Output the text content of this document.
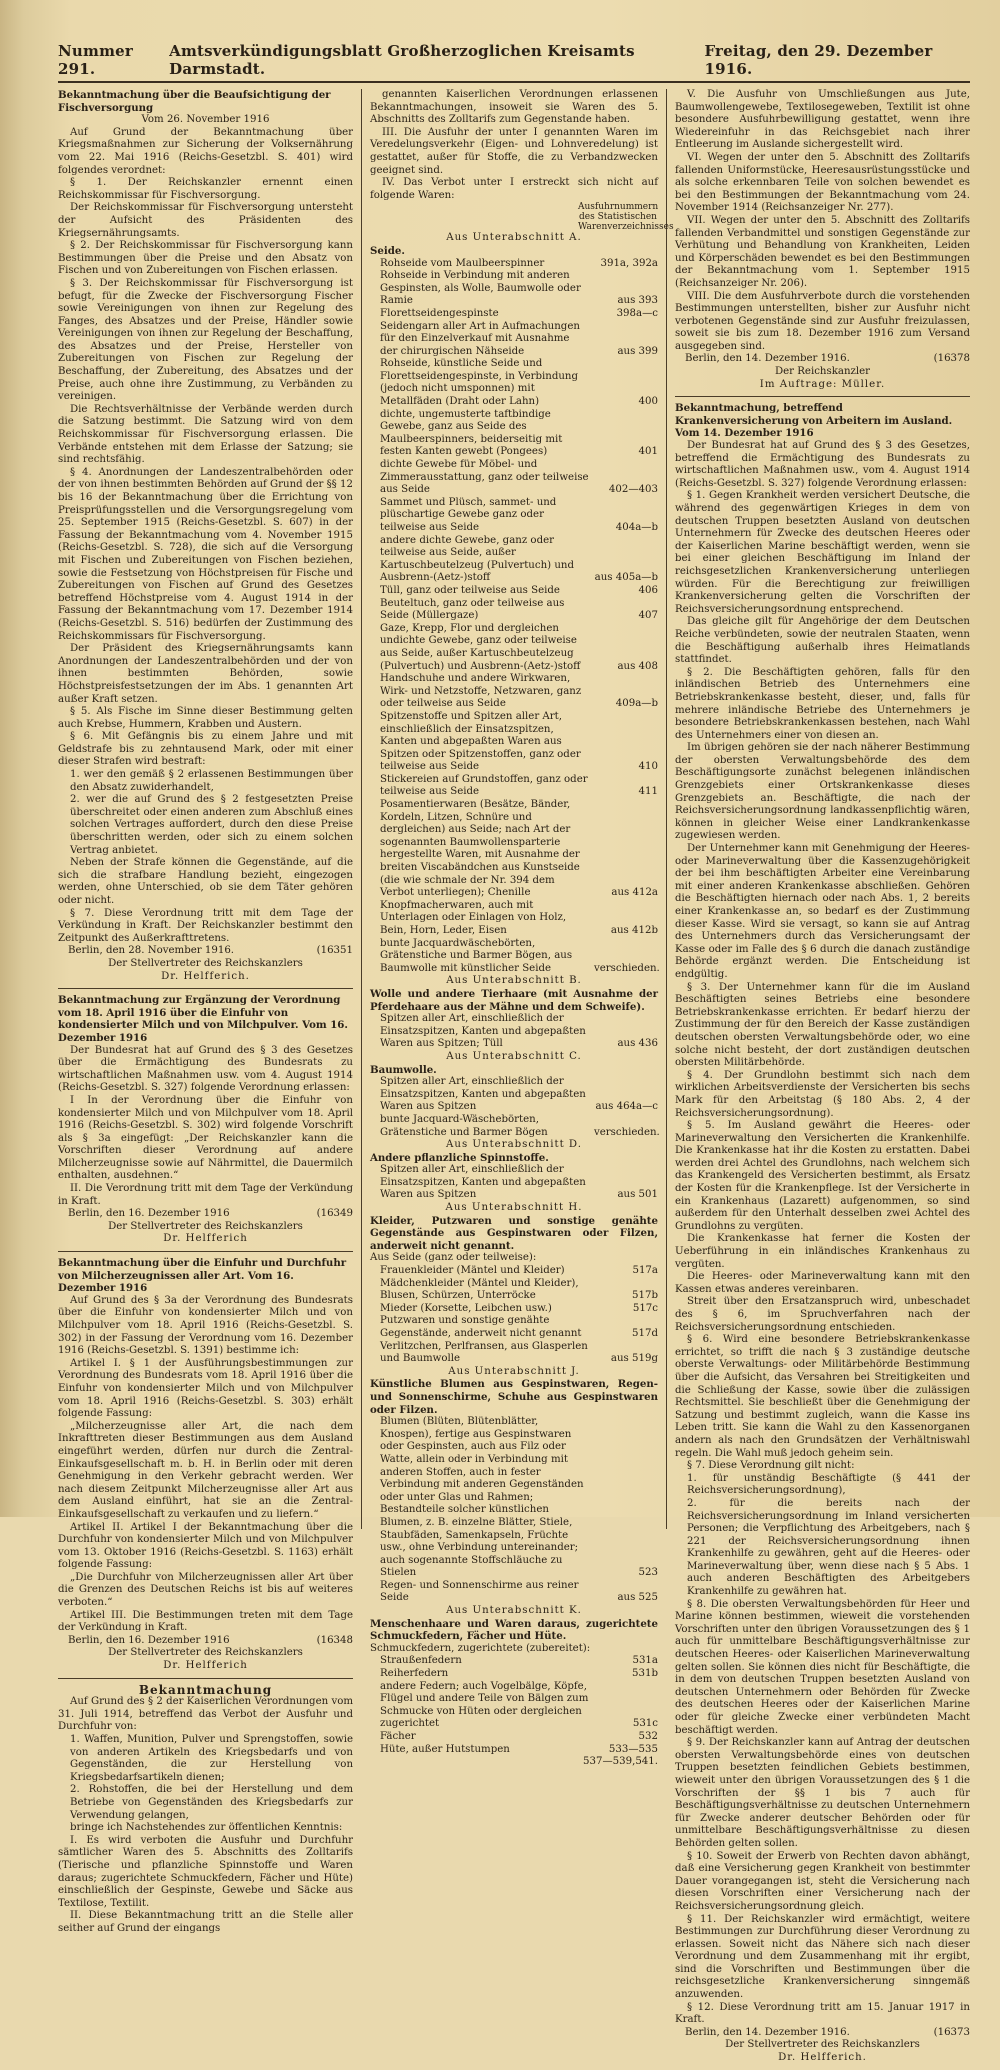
Nummer 291.
Amtsverkündigungsblatt Großherzoglichen Kreisamts Darmstadt.
Freitag, den 29. Dezember 1916.
Bekanntmachung über die Beaufsichtigung der Fischversorgung

Vom 26. November 1916

Auf Grund der Bekanntmachung über Kriegsmaßnahmen zur Sicherung der Volksernährung vom 22. Mai 1916 (Reichs-Gesetzbl. S. 401) wird folgendes verordnet:

§ 1. Der Reichskanzler ernennt einen Reichskommissar für Fischversorgung.

Der Reichskommissar für Fischversorgung untersteht der Aufsicht des Präsidenten des Kriegsernährungsamts.

§ 2. Der Reichskommissar für Fischversorgung kann Bestimmungen über die Preise und den Absatz von Fischen und von Zubereitungen von Fischen erlassen.

§ 3. Der Reichskommissar für Fischversorgung ist befugt, für die Zwecke der Fischversorgung Fischer sowie Vereinigungen von ihnen zur Regelung des Fanges, des Absatzes und der Preise, Händler sowie Vereinigungen von ihnen zur Regelung der Beschaffung, des Absatzes und der Preise, Hersteller von Zubereitungen von Fischen zur Regelung der Beschaffung, der Zubereitung, des Absatzes und der Preise, auch ohne ihre Zustimmung, zu Verbänden zu vereinigen.

Die Rechtsverhältnisse der Verbände werden durch die Satzung bestimmt. Die Satzung wird von dem Reichskommissar für Fischversorgung erlassen. Die Verbände entstehen mit dem Erlasse der Satzung; sie sind rechtsfähig.

§ 4. Anordnungen der Landeszentralbehörden oder der von ihnen bestimmten Behörden auf Grund der §§ 12 bis 16 der Bekanntmachung über die Errichtung von Preisprüfungsstellen und die Versorgungsregelung vom 25. September 1915 (Reichs-Gesetzbl. S. 607) in der Fassung der Bekanntmachung vom 4. November 1915 (Reichs-Gesetzbl. S. 728), die sich auf die Versorgung mit Fischen und Zubereitungen von Fischen beziehen, sowie die Festsetzung von Höchstpreisen für Fische und Zubereitungen von Fischen auf Grund des Gesetzes betreffend Höchstpreise vom 4. August 1914 in der Fassung der Bekanntmachung vom 17. Dezember 1914 (Reichs-Gesetzbl. S. 516) bedürfen der Zustimmung des Reichskommissars für Fischversorgung.

Der Präsident des Kriegsernährungsamts kann Anordnungen der Landeszentralbehörden und der von ihnen bestimmten Behörden, sowie Höchstpreisfestsetzungen der im Abs. 1 genannten Art außer Kraft setzen.

§ 5. Als Fische im Sinne dieser Bestimmung gelten auch Krebse, Hummern, Krabben und Austern.

§ 6. Mit Gefängnis bis zu einem Jahre und mit Geldstrafe bis zu zehntausend Mark, oder mit einer dieser Strafen wird bestraft:

1. wer den gemäß § 2 erlassenen Bestimmungen über den Absatz zuwiderhandelt,

2. wer die auf Grund des § 2 festgesetzten Preise überschreitet oder einen anderen zum Abschluß eines solchen Vertrages auffordert, durch den diese Preise überschritten werden, oder sich zu einem solchen Vertrag anbietet.

Neben der Strafe können die Gegenstände, auf die sich die strafbare Handlung bezieht, eingezogen werden, ohne Unterschied, ob sie dem Täter gehören oder nicht.

§ 7. Diese Verordnung tritt mit dem Tage der Verkündung in Kraft. Der Reichskanzler bestimmt den Zeitpunkt des Außerkrafttretens.

Berlin, den 28. November 1916.	(16351

Der Stellvertreter des Reichskanzlers

Dr. Helfferich.

Bekanntmachung zur Ergänzung der Verordnung vom 18. April 1916 über die Einfuhr von kondensierter Milch und von Milchpulver. Vom 16. Dezember 1916

Der Bundesrat hat auf Grund des § 3 des Gesetzes über die Ermächtigung des Bundesrats zu wirtschaftlichen Maßnahmen usw. vom 4. August 1914 (Reichs-Gesetzbl. S. 327) folgende Verordnung erlassen:

I In der Verordnung über die Einfuhr von kondensierter Milch und von Milchpulver vom 18. April 1916 (Reichs-Gesetzbl. S. 302) wird folgende Vorschrift als § 3a eingefügt: „Der Reichskanzler kann die Vorschriften dieser Verordnung auf andere Milcherzeugnisse sowie auf Nährmittel, die Dauermilch enthalten, ausdehnen.“

II. Die Verordnung tritt mit dem Tage der Verkündung in Kraft.

Berlin, den 16. Dezember 1916	(16349

Der Stellvertreter des Reichskanzlers

Dr. Helfferich

Bekanntmachung über die Einfuhr und Durchfuhr von Milcherzeugnissen aller Art. Vom 16. Dezember 1916

Auf Grund des § 3a der Verordnung des Bundesrats über die Einfuhr von kondensierter Milch und von Milchpulver vom 18. April 1916 (Reichs-Gesetzbl. S. 302) in der Fassung der Verordnung vom 16. Dezember 1916 (Reichs-Gesetzbl. S. 1391) bestimme ich:

Artikel I. § 1 der Ausführungsbestimmungen zur Verordnung des Bundesrats vom 18. April 1916 über die Einfuhr von kondensierter Milch und von Milchpulver vom 18. April 1916 (Reichs-Gesetzbl. S. 303) erhält folgende Fassung:

„Milcherzeugnisse aller Art, die nach dem Inkrafttreten dieser Bestimmungen aus dem Ausland eingeführt werden, dürfen nur durch die Zentral-Einkaufsgesellschaft m. b. H. in Berlin oder mit deren Genehmigung in den Verkehr gebracht werden. Wer nach diesem Zeitpunkt Milcherzeugnisse aller Art aus dem Ausland einführt, hat sie an die Zentral-Einkaufsgesellschaft zu verkaufen und zu liefern.“

Artikel II. Artikel I der Bekanntmachung über die Durchfuhr von kondensierter Milch und von Milchpulver vom 13. Oktober 1916 (Reichs-Gesetzbl. S. 1163) erhält folgende Fassung:

„Die Durchfuhr von Milcherzeugnissen aller Art über die Grenzen des Deutschen Reichs ist bis auf weiteres verboten.“

Artikel III. Die Bestimmungen treten mit dem Tage der Verkündung in Kraft.

Berlin, den 16. Dezember 1916	(16348

Der Stellvertreter des Reichskanzlers

Dr. Helfferich

Bekanntmachung

Auf Grund des § 2 der Kaiserlichen Verordnungen vom 31. Juli 1914, betreffend das Verbot der Ausfuhr und Durchfuhr von:

1. Waffen, Munition, Pulver und Sprengstoffen, sowie von anderen Artikeln des Kriegsbedarfs und von Gegenständen, die zur Herstellung von Kriegsbedarfsartikeln dienen;

2. Rohstoffen, die bei der Herstellung und dem Betriebe von Gegenständen des Kriegsbedarfs zur Verwendung gelangen,

bringe ich Nachstehendes zur öffentlichen Kenntnis:

I. Es wird verboten die Ausfuhr und Durchfuhr sämtlicher Waren des 5. Abschnitts des Zolltarifs (Tierische und pflanzliche Spinnstoffe und Waren daraus; zugerichtete Schmuckfedern, Fächer und Hüte) einschließlich der Gespinste, Gewebe und Säcke aus Textilose, Textilit.

II. Diese Bekanntmachung tritt an die Stelle aller seither auf Grund der eingangs

genannten Kaiserlichen Verordnungen erlassenen Bekanntmachungen, insoweit sie Waren des 5. Abschnitts des Zolltarifs zum Gegenstande haben.

III. Die Ausfuhr der unter I genannten Waren im Veredelungsverkehr (Eigen- und Lohnveredelung) ist gestattet, außer für Stoffe, die zu Verbandzwecken geeignet sind.

IV. Das Verbot unter I erstreckt sich nicht auf folgende Waren:

Ausfuhrnummern des Statistischen Warenverzeichnisses

Aus Unterabschnitt A.

Seide.

Rohseide vom Maulbeerspinner	391a, 392a
Rohseide in Verbindung mit anderen Gespinsten, als Wolle, Baumwolle oder Ramie	aus 393
Florettseidengespinste	398a—c
Seidengarn aller Art in Aufmachungen für den Einzelverkauf mit Ausnahme der chirurgischen Nähseide	aus 399
Rohseide, künstliche Seide und Florettseidengespinste, in Verbindung (jedoch nicht umsponnen) mit Metallfäden (Draht oder Lahn)	400
dichte, ungemusterte taftbindige Gewebe, ganz aus Seide des Maulbeerspinners, beiderseitig mit festen Kanten gewebt (Pongees)	401
dichte Gewebe für Möbel- und Zimmerausstattung, ganz oder teilweise aus Seide	402—403
Sammet und Plüsch, sammet- und plüschartige Gewebe ganz oder teilweise aus Seide	404a—b
andere dichte Gewebe, ganz oder teilweise aus Seide, außer Kartuschbeutelzeug (Pulvertuch) und Ausbrenn-(Aetz-)stoff	aus 405a—b
Tüll, ganz oder teilweise aus Seide	406
Beuteltuch, ganz oder teilweise aus Seide (Müllergaze)	407
Gaze, Krepp, Flor und dergleichen undichte Gewebe, ganz oder teilweise aus Seide, außer Kartuschbeutelzeug (Pulvertuch) und Ausbrenn-(Aetz-)stoff	aus 408
Handschuhe und andere Wirkwaren, Wirk- und Netzstoffe, Netzwaren, ganz oder teilweise aus Seide	409a—b
Spitzenstoffe und Spitzen aller Art, einschließlich der Einsatzspitzen, Kanten und abgepaßten Waren aus Spitzen oder Spitzenstoffen, ganz oder teilweise aus Seide	410
Stickereien auf Grundstoffen, ganz oder teilweise aus Seide	411
Posamentierwaren (Besätze, Bänder, Kordeln, Litzen, Schnüre und dergleichen) aus Seide; nach Art der sogenannten Baumwollensparterie hergestellte Waren, mit Ausnahme der breiten Viscabändchen aus Kunstseide (die wie schmale der Nr. 394 dem Verbot unterliegen); Chenille	aus 412a
Knopfmacherwaren, auch mit Unterlagen oder Einlagen von Holz, Bein, Horn, Leder, Eisen	aus 412b
bunte Jacquardwäschebörten, Grätenstiche und Barmer Bögen, aus Baumwolle mit künstlicher Seide	verschieden.

Aus Unterabschnitt B.

Wolle und andere Tierhaare (mit Ausnahme der Pferdehaare aus der Mähne und dem Schweife).

Spitzen aller Art, einschließlich der Einsatzspitzen, Kanten und abgepaßten Waren aus Spitzen; Tüll	aus 436

Aus Unterabschnitt C.

Baumwolle.

Spitzen aller Art, einschließlich der Einsatzspitzen, Kanten und abgepaßten Waren aus Spitzen	aus 464a—c
bunte Jacquard-Wäschebörten, Grätenstiche und Barmer Bögen	verschieden.

Aus Unterabschnitt D.

Andere pflanzliche Spinnstoffe.

Spitzen aller Art, einschließlich der Einsatzspitzen, Kanten und abgepaßten Waren aus Spitzen	aus 501

Aus Unterabschnitt H.

Kleider, Putzwaren und sonstige genähte Gegenstände aus Gespinstwaren oder Filzen, anderweit nicht genannt.

Aus Seide (ganz oder teilweise):

Frauenkleider (Mäntel und Kleider)	517a
Mädchenkleider (Mäntel und Kleider), Blusen, Schürzen, Unterröcke	517b
Mieder (Korsette, Leibchen usw.)	517c
Putzwaren und sonstige genähte Gegenstände, anderweit nicht genannt	517d
Verlitzchen, Perlfransen, aus Glasperlen und Baumwolle	aus 519g

Aus Unterabschnitt J.

Künstliche Blumen aus Gespinstwaren, Regen- und Sonnenschirme, Schuhe aus Gespinstwaren oder Filzen.

Blumen (Blüten, Blütenblätter, Knospen), fertige aus Gespinstwaren oder Gespinsten, auch aus Filz oder Watte, allein oder in Verbindung mit anderen Stoffen, auch in fester Verbindung mit anderen Gegenständen oder unter Glas und Rahmen; Bestandteile solcher künstlichen Blumen, z. B. einzelne Blätter, Stiele, Staubfäden, Samenkapseln, Früchte usw., ohne Verbindung untereinander; auch sogenannte Stoffschläuche zu Stielen	523
Regen- und Sonnenschirme aus reiner Seide	aus 525

Aus Unterabschnitt K.

Menschenhaare und Waren daraus, zugerichtete Schmuckfedern, Fächer und Hüte.

Schmuckfedern, zugerichtete (zubereitet):

Straußenfedern	531a
Reiherfedern	531b
andere Federn; auch Vogelbälge, Köpfe, Flügel und andere Teile von Bälgen zum Schmucke von Hüten oder dergleichen zugerichtet	531c
Fächer	532
Hüte, außer Hutstumpen	533—535

537—539,541.

V. Die Ausfuhr von Umschließungen aus Jute, Baumwollengewebe, Textilosegeweben, Textilit ist ohne besondere Ausfuhrbewilligung gestattet, wenn ihre Wiedereinfuhr in das Reichsgebiet nach ihrer Entleerung im Auslande sichergestellt wird.

VI. Wegen der unter den 5. Abschnitt des Zolltarifs fallenden Uniformstücke, Heeresausrüstungsstücke und als solche erkennbaren Teile von solchen bewendet es bei den Bestimmungen der Bekanntmachung vom 24. November 1914 (Reichsanzeiger Nr. 277).

VII. Wegen der unter den 5. Abschnitt des Zolltarifs fallenden Verbandmittel und sonstigen Gegenstände zur Verhütung und Behandlung von Krankheiten, Leiden und Körperschäden bewendet es bei den Bestimmungen der Bekanntmachung vom 1. September 1915 (Reichsanzeiger Nr. 206).

VIII. Die dem Ausfuhrverbote durch die vorstehenden Bestimmungen unterstellten, bisher zur Ausfuhr nicht verbotenen Gegenstände sind zur Ausfuhr freizulassen, soweit sie bis zum 18. Dezember 1916 zum Versand ausgegeben sind.

Berlin, den 14. Dezember 1916.	(16378

Der Reichskanzler

Im Auftrage: Müller.

Bekanntmachung, betreffend Krankenversicherung von Arbeitern im Ausland. Vom 14. Dezember 1916

Der Bundesrat hat auf Grund des § 3 des Gesetzes, betreffend die Ermächtigung des Bundesrats zu wirtschaftlichen Maßnahmen usw., vom 4. August 1914 (Reichs-Gesetzbl. S. 327) folgende Verordnung erlassen:

§ 1. Gegen Krankheit werden versichert Deutsche, die während des gegenwärtigen Krieges in dem von deutschen Truppen besetzten Ausland von deutschen Unternehmern für Zwecke des deutschen Heeres oder der Kaiserlichen Marine beschäftigt werden, wenn sie bei einer gleichen Beschäftigung im Inland der reichsgesetzlichen Krankenversicherung unterliegen würden. Für die Berechtigung zur freiwilligen Krankenversicherung gelten die Vorschriften der Reichsversicherungsordnung entsprechend.

Das gleiche gilt für Angehörige der dem Deutschen Reiche verbündeten, sowie der neutralen Staaten, wenn die Beschäftigung außerhalb ihres Heimatlands stattfindet.

§ 2. Die Beschäftigten gehören, falls für den inländischen Betrieb des Unternehmers eine Betriebskrankenkasse besteht, dieser, und, falls für mehrere inländische Betriebe des Unternehmers je besondere Betriebskrankenkassen bestehen, nach Wahl des Unternehmers einer von diesen an.

Im übrigen gehören sie der nach näherer Bestimmung der obersten Verwaltungsbehörde des dem Beschäftigungsorte zunächst belegenen inländischen Grenzgebiets einer Ortskrankenkasse dieses Grenzgebiets an. Beschäftigte, die nach der Reichsversicherungsordnung landkassenpflichtig wären, können in gleicher Weise einer Landkrankenkasse zugewiesen werden.

Der Unternehmer kann mit Genehmigung der Heeres- oder Marineverwaltung über die Kassenzugehörigkeit der bei ihm beschäftigten Arbeiter eine Vereinbarung mit einer anderen Krankenkasse abschließen. Gehören die Beschäftigten hiernach oder nach Abs. 1, 2 bereits einer Krankenkasse an, so bedarf es der Zustimmung dieser Kasse. Wird sie versagt, so kann sie auf Antrag des Unternehmers durch das Versicherungsamt der Kasse oder im Falle des § 6 durch die danach zuständige Behörde ergänzt werden. Die Entscheidung ist endgültig.

§ 3. Der Unternehmer kann für die im Ausland Beschäftigten seines Betriebs eine besondere Betriebskrankenkasse errichten. Er bedarf hierzu der Zustimmung der für den Bereich der Kasse zuständigen deutschen obersten Verwaltungsbehörde oder, wo eine solche nicht besteht, der dort zuständigen deutschen obersten Militärbehörde.

§ 4. Der Grundlohn bestimmt sich nach dem wirklichen Arbeitsverdienste der Versicherten bis sechs Mark für den Arbeitstag (§ 180 Abs. 2, 4 der Reichsversicherungsordnung).

§ 5. Im Ausland gewährt die Heeres- oder Marineverwaltung den Versicherten die Krankenhilfe. Die Krankenkasse hat ihr die Kosten zu erstatten. Dabei werden drei Achtel des Grundlohns, nach welchem sich das Krankengeld des Versicherten bestimmt, als Ersatz der Kosten für die Krankenpflege. Ist der Versicherte in ein Krankenhaus (Lazarett) aufgenommen, so sind außerdem für den Unterhalt desselben zwei Achtel des Grundlohns zu vergüten.

Die Krankenkasse hat ferner die Kosten der Ueberführung in ein inländisches Krankenhaus zu vergüten.

Die Heeres- oder Marineverwaltung kann mit den Kassen etwas anderes vereinbaren.

Streit über den Ersatzanspruch wird, unbeschadet des § 6, im Spruchverfahren nach der Reichsversicherungsordnung entschieden.

§ 6. Wird eine besondere Betriebskrankenkasse errichtet, so trifft die nach § 3 zuständige deutsche oberste Verwaltungs- oder Militärbehörde Bestimmung über die Aufsicht, das Versahren bei Streitigkeiten und die Schließung der Kasse, sowie über die zulässigen Rechtsmittel. Sie beschließt über die Genehmigung der Satzung und bestimmt zugleich, wann die Kasse ins Leben tritt. Sie kann die Wahl zu den Kassenorganen andern als nach den Grundsätzen der Verhältniswahl regeln. Die Wahl muß jedoch geheim sein.

§ 7. Diese Verordnung gilt nicht:

1. für unständig Beschäftigte (§ 441 der Reichsversicherungsordnung),

2. für die bereits nach der Reichsversicherungsordnung im Inland versicherten Personen; die Verpflichtung des Arbeitgebers, nach § 221 der Reichsversicherungsordnung ihnen Krankenhilfe zu gewähren, geht auf die Heeres- oder Marineverwaltung über, wenn diese nach § 5 Abs. 1 auch anderen Beschäftigten des Arbeitgebers Krankenhilfe zu gewähren hat.

§ 8. Die obersten Verwaltungsbehörden für Heer und Marine können bestimmen, wieweit die vorstehenden Vorschriften unter den übrigen Voraussetzungen des § 1 auch für unmittelbare Beschäftigungsverhältnisse zur deutschen Heeres- oder Kaiserlichen Marineverwaltung gelten sollen. Sie können dies nicht für Beschäftigte, die in dem von deutschen Truppen besetzten Ausland von deutschen Unternehmern oder Behörden für Zwecke des deutschen Heeres oder der Kaiserlichen Marine oder für gleiche Zwecke einer verbündeten Macht beschäftigt werden.

§ 9. Der Reichskanzler kann auf Antrag der deutschen obersten Verwaltungsbehörde eines von deutschen Truppen besetzten feindlichen Gebiets bestimmen, wieweit unter den übrigen Voraussetzungen des § 1 die Vorschriften der §§ 1 bis 7 auch für Beschäftigungsverhältnisse zu deutschen Unternehmern für Zwecke anderer deutscher Behörden oder für unmittelbare Beschäftigungsverhältnisse zu diesen Behörden gelten sollen.

§ 10. Soweit der Erwerb von Rechten davon abhängt, daß eine Versicherung gegen Krankheit von bestimmter Dauer vorangegangen ist, steht die Versicherung nach diesen Vorschriften einer Versicherung nach der Reichsversicherungsordnung gleich.

§ 11. Der Reichskanzler wird ermächtigt, weitere Bestimmungen zur Durchführung dieser Verordnung zu erlassen. Soweit nicht das Nähere sich nach dieser Verordnung und dem Zusammenhang mit ihr ergibt, sind die Vorschriften und Bestimmungen über die reichsgesetzliche Krankenversicherung sinngemäß anzuwenden.

§ 12. Diese Verordnung tritt am 15. Januar 1917 in Kraft.

Berlin, den 14. Dezember 1916.	(16373

Der Stellvertreter des Reichskanzlers

Dr. Helfferich.
